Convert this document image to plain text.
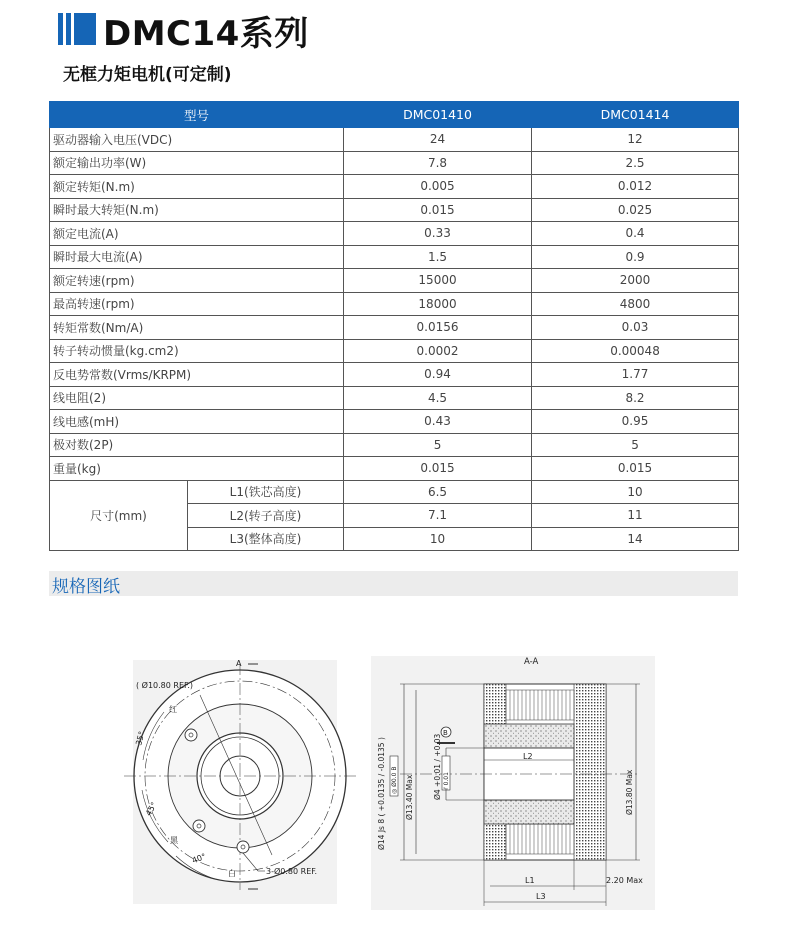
DMC14系列
无框力矩电机(可定制)
型号		DMC01410	DMC01414
驱动器输入电压(VDC)		24	12
额定输出功率(W)		7.8	2.5
额定转矩(N.m)		0.005	0.012
瞬时最大转矩(N.m)		0.015	0.025
额定电流(A)		0.33	0.4
瞬时最大电流(A)		1.5	0.9
额定转速(rpm)		15000	2000
最高转速(rpm)		18000	4800
转矩常数(Nm/A)		0.0156	0.03
转子转动惯量(kg.cm2)		0.0002	0.00048
反电势常数(Vrms/KRPM)		0.94	1.77
线电阻(2)		4.5	8.2
线电感(mH)		0.43	0.95
极对数(2P)		5	5
重量(kg)		0.015	0.015
尺寸(mm)	L1(铁芯高度)	6.5	10
	L2(转子高度)	7.1	11
	L3(整体高度)	10	14
规格图纸
A
( Ø10.80 REF.)
红
黑
白
35°
45°
40°
3-Ø0.80 REF.
A-A
B
Ø14 Js 8 ( +0.0135 / -0.0135 ) ◎ Ø0.0 B Ø13.40 Max	Ø4 +0.01 / +0.03 ⫽ 0.01	Ø13.80 Max
L2
L1
L3
2.20 Max
